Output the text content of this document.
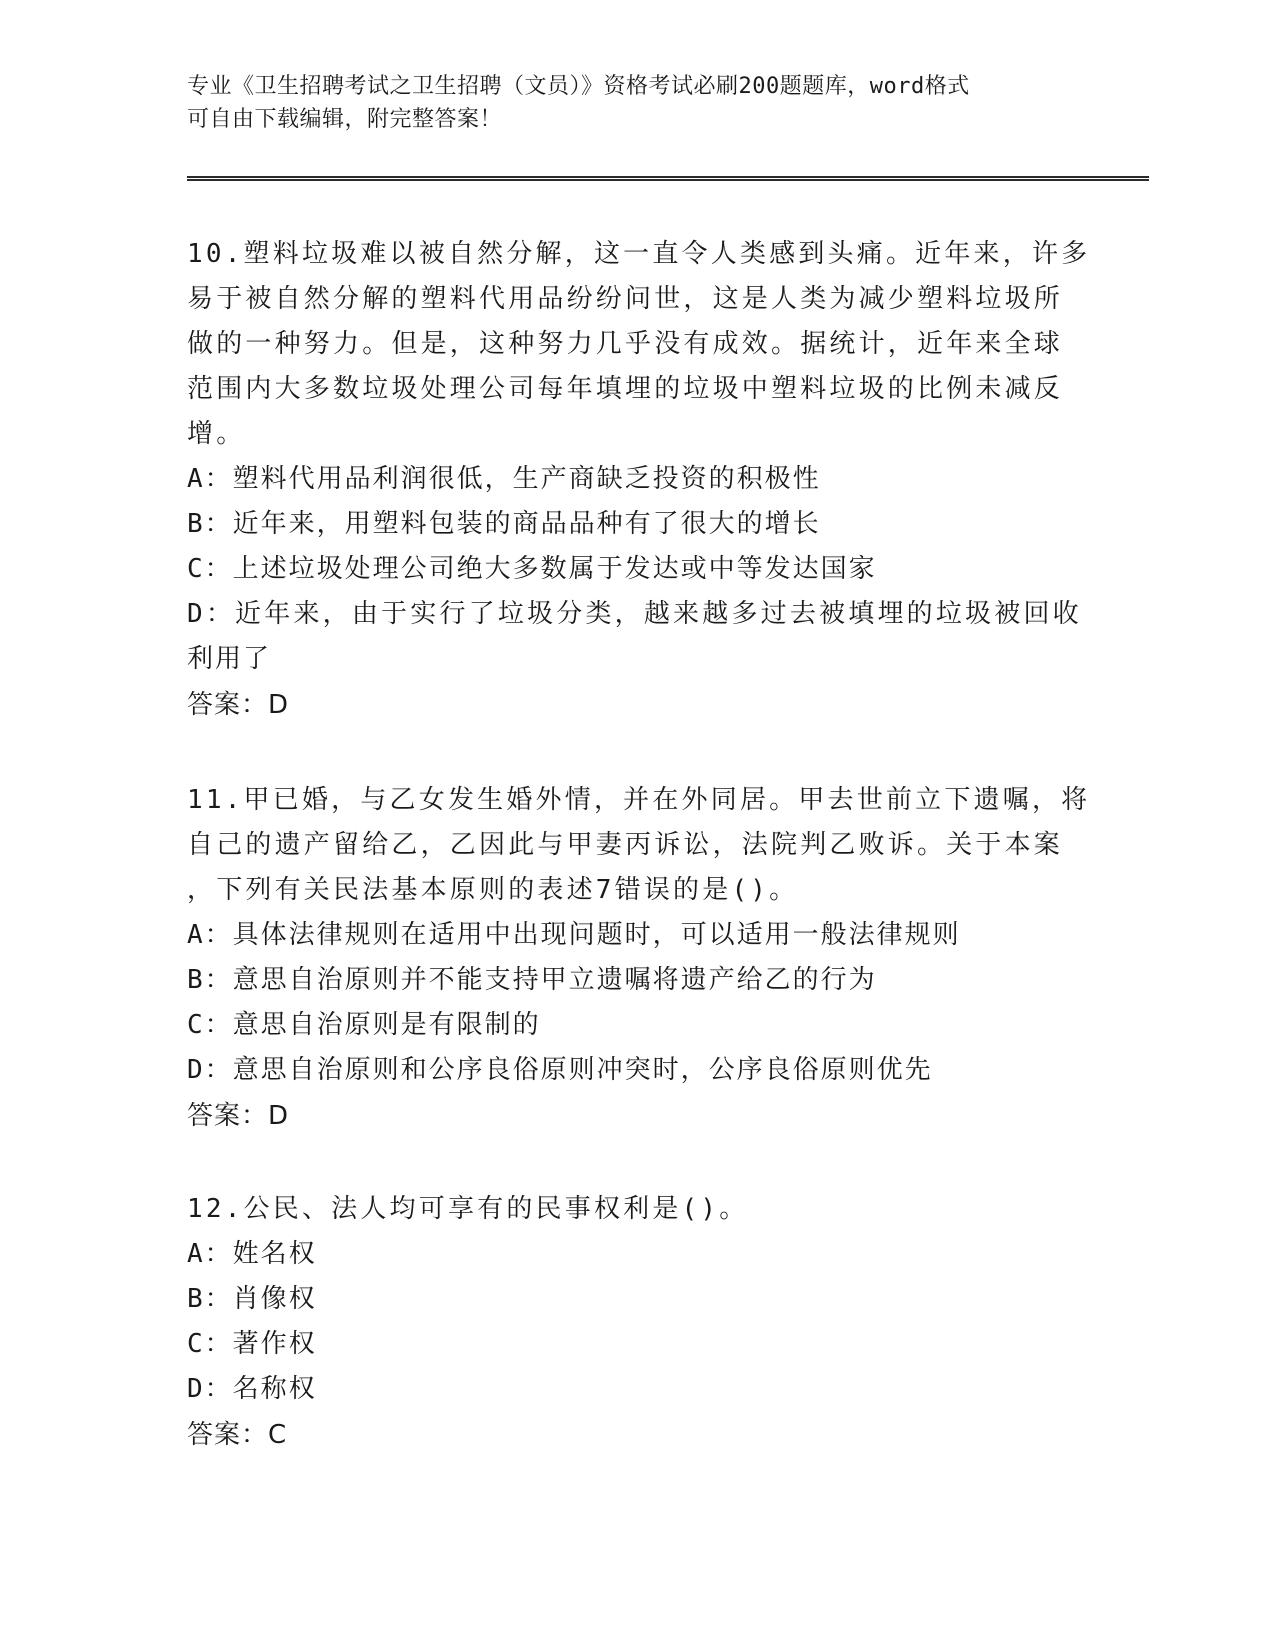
专业《卫生招聘考试之卫生招聘（文员）》资格考试必刷200题题库，word格式
可自由下载编辑，附完整答案！
10.塑料垃圾难以被自然分解，这一直令人类感到头痛。近年来，许多
易于被自然分解的塑料代用品纷纷问世，这是人类为减少塑料垃圾所
做的一种努力。但是，这种努力几乎没有成效。据统计，近年来全球
范围内大多数垃圾处理公司每年填埋的垃圾中塑料垃圾的比例未减反
增。
A：塑料代用品利润很低，生产商缺乏投资的积极性
B：近年来，用塑料包装的商品品种有了很大的增长
C：上述垃圾处理公司绝大多数属于发达或中等发达国家
D：近年来，由于实行了垃圾分类，越来越多过去被填埋的垃圾被回收
利用了
答案：D
11.甲已婚，与乙女发生婚外情，并在外同居。甲去世前立下遗嘱，将
自己的遗产留给乙，乙因此与甲妻丙诉讼，法院判乙败诉。关于本案
，下列有关民法基本原则的表述7错误的是()。
A：具体法律规则在适用中出现问题时，可以适用一般法律规则
B：意思自治原则并不能支持甲立遗嘱将遗产给乙的行为
C：意思自治原则是有限制的
D：意思自治原则和公序良俗原则冲突时，公序良俗原则优先
答案：D
12.公民、法人均可享有的民事权利是()。
A：姓名权
B：肖像权
C：著作权
D：名称权
答案：C
